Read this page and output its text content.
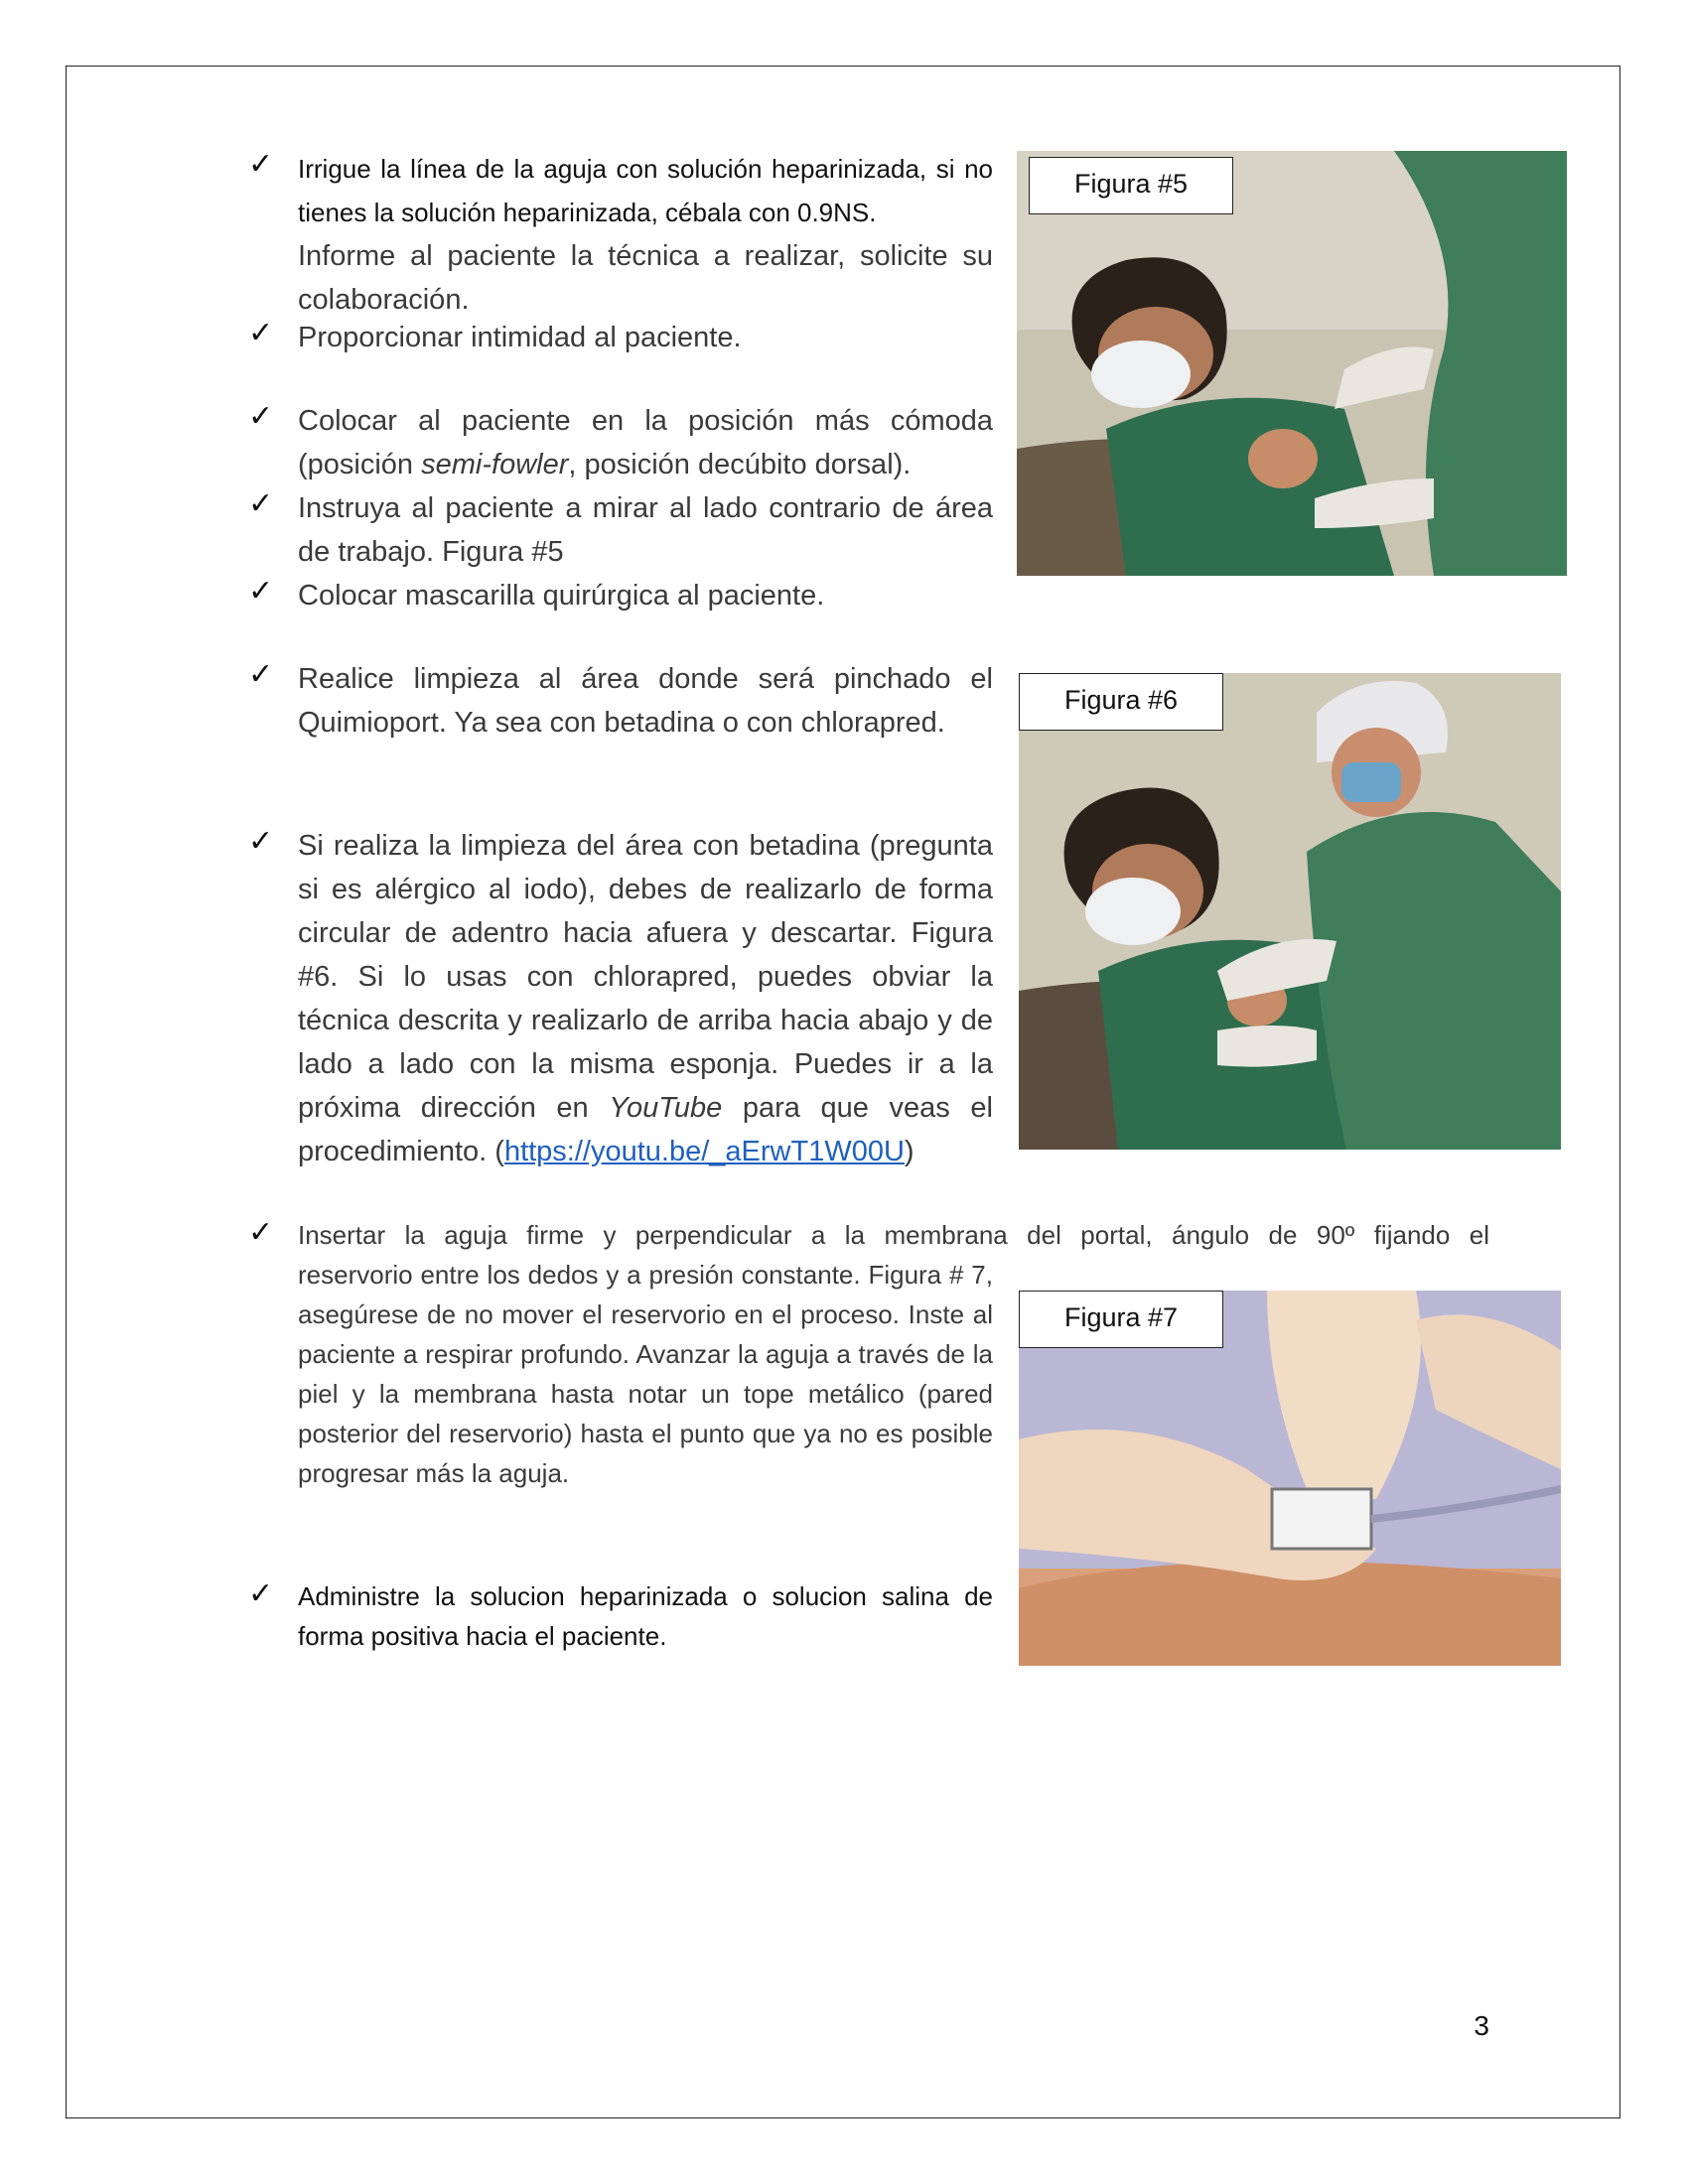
✓ Irrigue la línea de la aguja con solución heparinizada, si no tienes la solución heparinizada, cébala con 0.9NS.

Informe al paciente la técnica a realizar, solicite su colaboración.

✓ Proporcionar intimidad al paciente.

✓ Colocar al paciente en la posición más cómoda (posición semi-fowler, posición decúbito dorsal).

✓ Instruya al paciente a mirar al lado contrario de área de trabajo. Figura #5

✓ Colocar mascarilla quirúrgica al paciente.

✓ Realice limpieza al área donde será pinchado el Quimioport. Ya sea con betadina o con chlorapred.

✓ Si realiza la limpieza del área con betadina (pregunta si es alérgico al iodo), debes de realizarlo de forma circular de adentro hacia afuera y descartar. Figura #6. Si lo usas con chlorapred, puedes obviar la técnica descrita y realizarlo de arriba hacia abajo y de lado a lado con la misma esponja. Puedes ir a la próxima dirección en YouTube para que veas el procedimiento. (https://youtu.be/_aErwT1W00U)

✓ Insertar la aguja firme y perpendicular a la membrana del portal, ángulo de 90º fijando el

reservorio entre los dedos y a presión constante. Figura # 7, asegúrese de no mover el reservorio en el proceso. Inste al paciente a respirar profundo. Avanzar la aguja a través de la piel y la membrana hasta notar un tope metálico (pared posterior del reservorio) hasta el punto que ya no es posible progresar más la aguja.

✓ Administre la solucion heparinizada o solucion salina de forma positiva hacia el paciente.

Figura #5
Figura #6
Figura #7
3
